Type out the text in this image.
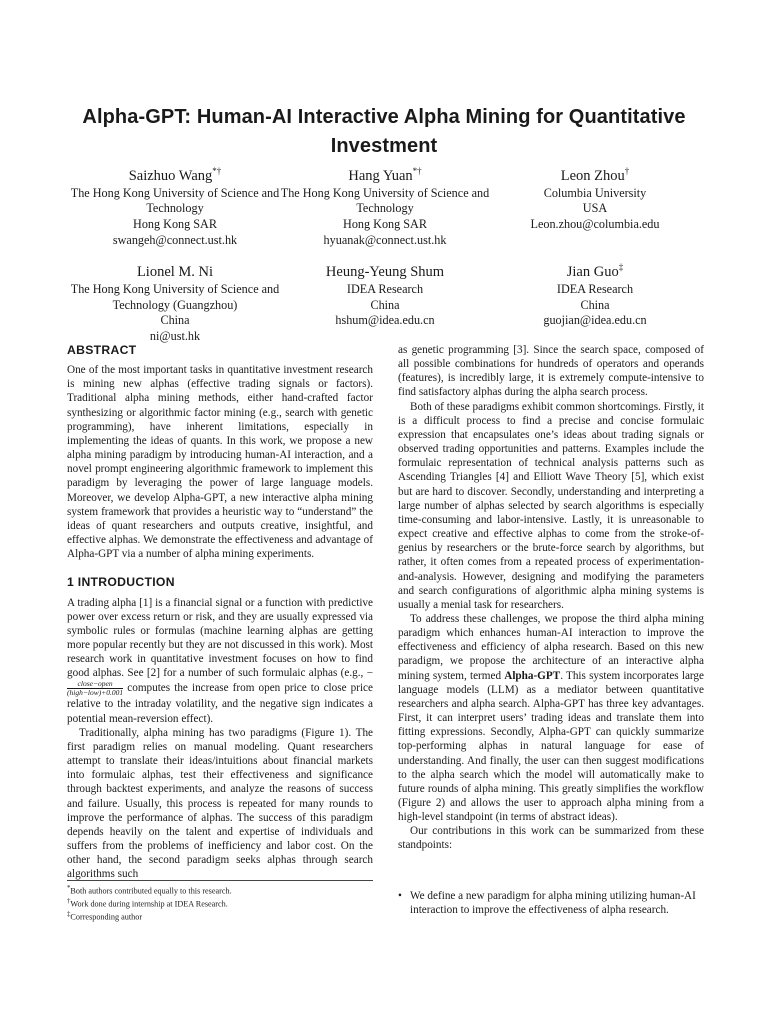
Alpha-GPT: Human-AI Interactive Alpha Mining for Quantitative Investment
Saizhuo Wang*†
The Hong Kong University of Science and Technology
Hong Kong SAR
swangeh@connect.ust.hk
Hang Yuan*†
The Hong Kong University of Science and Technology
Hong Kong SAR
hyuanak@connect.ust.hk
Leon Zhou†
Columbia University
USA
Leon.zhou@columbia.edu
Lionel M. Ni
The Hong Kong University of Science and Technology (Guangzhou)
China
ni@ust.hk
Heung-Yeung Shum
IDEA Research
China
hshum@idea.edu.cn
Jian Guo‡
IDEA Research
China
guojian@idea.edu.cn
ABSTRACT

One of the most important tasks in quantitative investment research is mining new alphas (effective trading signals or factors). Traditional alpha mining methods, either hand-crafted factor synthesizing or algorithmic factor mining (e.g., search with genetic programming), have inherent limitations, especially in implementing the ideas of quants. In this work, we propose a new alpha mining paradigm by introducing human-AI interaction, and a novel prompt engineering algorithmic framework to implement this paradigm by leveraging the power of large language models. Moreover, we develop Alpha-GPT, a new interactive alpha mining system framework that provides a heuristic way to “understand” the ideas of quant researchers and outputs creative, insightful, and effective alphas. We demonstrate the effectiveness and advantage of Alpha-GPT via a number of alpha mining experiments.

1 INTRODUCTION

A trading alpha [1] is a financial signal or a function with predictive power over excess return or risk, and they are usually expressed via symbolic rules or formulas (machine learning alphas are getting more popular recently but they are not discussed in this work). Most research work in quantitative investment focuses on how to find good alphas. See [2] for a number of such formulaic alphas (e.g., −
$\frac{\text{close−open}}{\text{(high−low)+0.001}}$ computes the increase from open price to close price relative to the intraday volatility, and the negative sign indicates a potential mean-reversion effect).

Traditionally, alpha mining has two paradigms (Figure 1). The first paradigm relies on manual modeling. Quant researchers attempt to translate their ideas/intuitions about financial markets into formulaic alphas, test their effectiveness and significance through backtest experiments, and analyze the reasons of success and failure. Usually, this process is repeated for many rounds to improve the performance of alphas. The success of this paradigm depends heavily on the talent and expertise of individuals and suffers from the problems of inefficiency and labor cost. On the other hand, the second paradigm seeks alphas through search algorithms such

*Both authors contributed equally to this research.
†Work done during internship at IDEA Research.
‡Corresponding author

as genetic programming [3]. Since the search space, composed of all possible combinations for hundreds of operators and operands (features), is incredibly large, it is extremely compute-intensive to find satisfactory alphas during the alpha search process.

Both of these paradigms exhibit common shortcomings. Firstly, it is a difficult process to find a precise and concise formulaic expression that encapsulates one’s ideas about trading signals or observed trading opportunities and patterns. Examples include the formulaic representation of technical analysis patterns such as Ascending Triangles [4] and Elliott Wave Theory [5], which exist but are hard to discover. Secondly, understanding and interpreting a large number of alphas selected by search algorithms is especially time-consuming and labor-intensive. Lastly, it is unreasonable to expect creative and effective alphas to come from the stroke-of-genius by researchers or the brute-force search by algorithms, but rather, it often comes from a repeated process of experimentation-and-analysis. However, designing and modifying the parameters and search configurations of algorithmic alpha mining systems is usually a menial task for researchers.

To address these challenges, we propose the third alpha mining paradigm which enhances human-AI interaction to improve the effectiveness and efficiency of alpha research. Based on this new paradigm, we propose the architecture of an interactive alpha mining system, termed Alpha-GPT. This system incorporates large language models (LLM) as a mediator between quantitative researchers and alpha search. Alpha-GPT has three key advantages. First, it can interpret users’ trading ideas and translate them into fitting expressions. Secondly, Alpha-GPT can quickly summarize top-performing alphas in natural language for ease of understanding. And finally, the user can then suggest modifications to the alpha search which the model will automatically make to future rounds of alpha mining. This greatly simplifies the workflow (Figure 2) and allows the user to approach alpha mining from a high-level standpoint (in terms of abstract ideas).

Our contributions in this work can be summarized from these standpoints:

• We define a new paradigm for alpha mining utilizing human-AI interaction to improve the effectiveness of alpha research.
